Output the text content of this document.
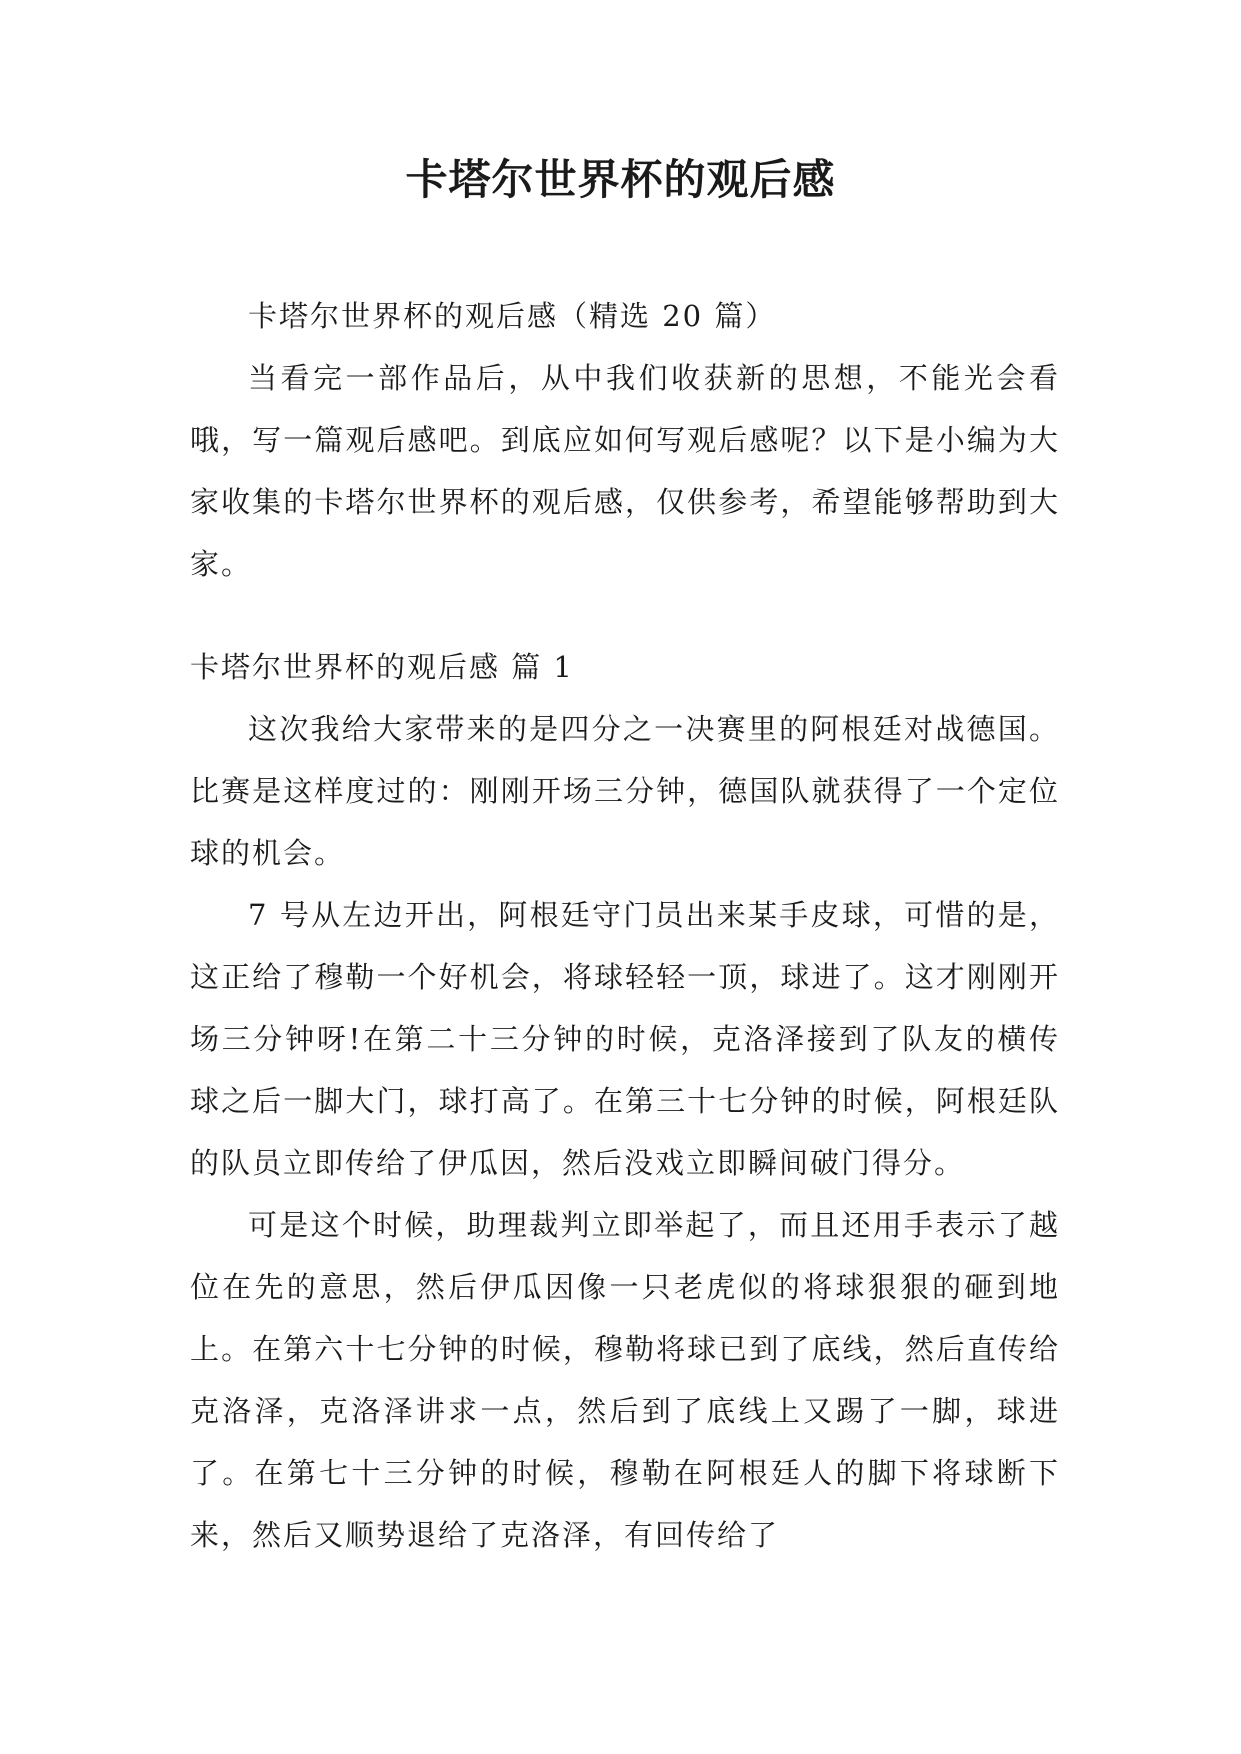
卡塔尔世界杯的观后感

卡塔尔世界杯的观后感（精选 20 篇）

当看完一部作品后，从中我们收获新的思想，不能光会看哦，写一篇观后感吧。到底应如何写观后感呢？以下是小编为大家收集的卡塔尔世界杯的观后感，仅供参考，希望能够帮助到大家。

卡塔尔世界杯的观后感 篇 1

这次我给大家带来的是四分之一决赛里的阿根廷对战德国。比赛是这样度过的：刚刚开场三分钟，德国队就获得了一个定位球的机会。

7 号从左边开出，阿根廷守门员出来某手皮球，可惜的是，这正给了穆勒一个好机会，将球轻轻一顶，球进了。这才刚刚开场三分钟呀!在第二十三分钟的时候，克洛泽接到了队友的横传球之后一脚大门，球打高了。在第三十七分钟的时候，阿根廷队的队员立即传给了伊瓜因，然后没戏立即瞬间破门得分。

可是这个时候，助理裁判立即举起了，而且还用手表示了越位在先的意思，然后伊瓜因像一只老虎似的将球狠狠的砸到地上。在第六十七分钟的时候，穆勒将球已到了底线，然后直传给克洛泽，克洛泽讲求一点，然后到了底线上又踢了一脚，球进了。在第七十三分钟的时候，穆勒在阿根廷人的脚下将球断下来，然后又顺势退给了克洛泽，有回传给了
